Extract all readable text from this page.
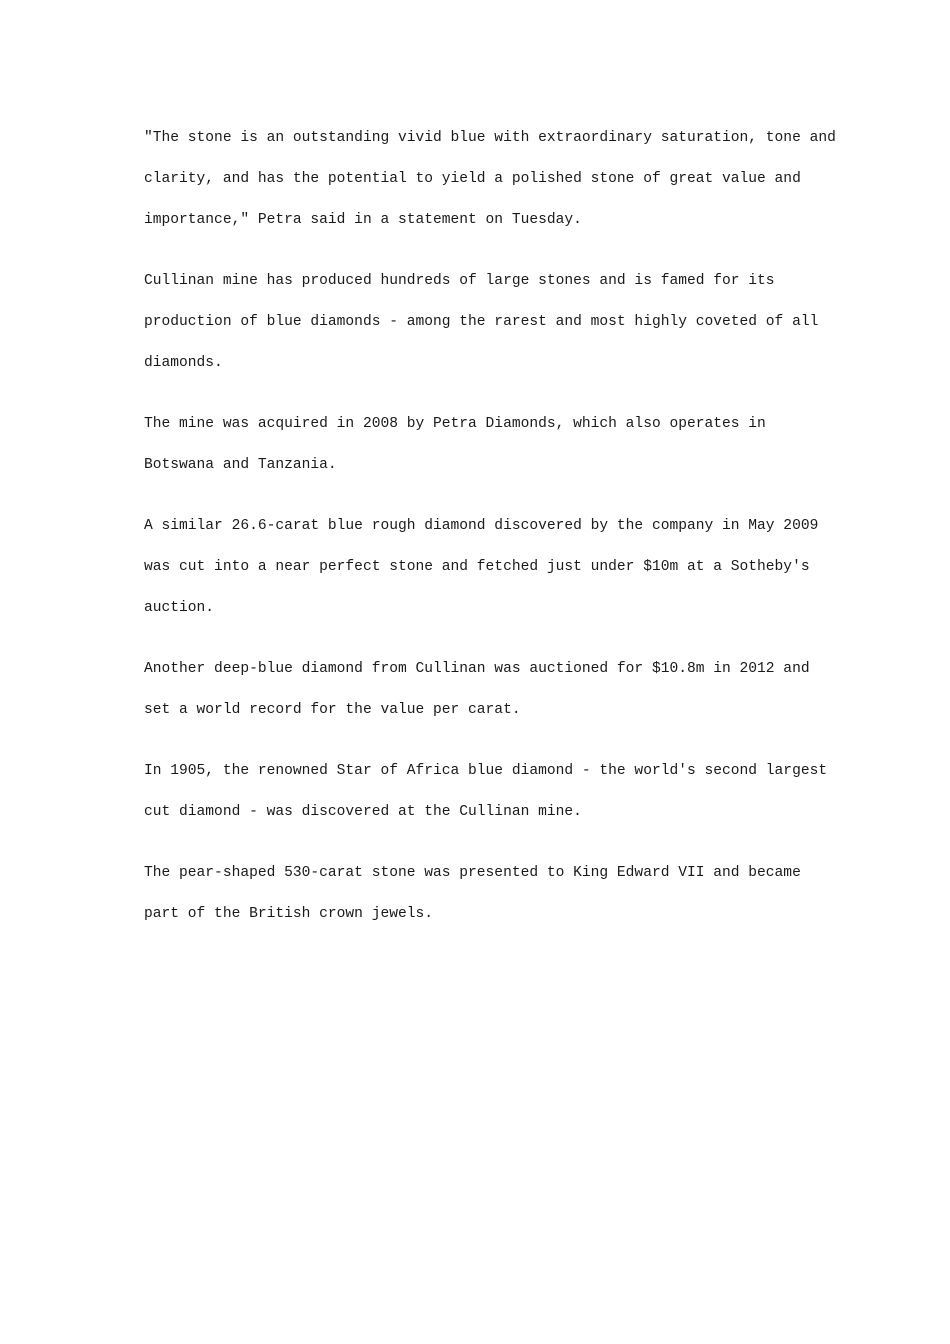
"The stone is an outstanding vivid blue with extraordinary saturation, tone and
clarity, and has the potential to yield a polished stone of great value and
importance," Petra said in a statement on Tuesday.

Cullinan mine has produced hundreds of large stones and is famed for its
production of blue diamonds - among the rarest and most highly coveted of all
diamonds.

The mine was acquired in 2008 by Petra Diamonds, which also operates in
Botswana and Tanzania.

A similar 26.6-carat blue rough diamond discovered by the company in May 2009
was cut into a near perfect stone and fetched just under $10m at a Sotheby's
auction.

Another deep-blue diamond from Cullinan was auctioned for $10.8m in 2012 and
set a world record for the value per carat.

In 1905, the renowned Star of Africa blue diamond - the world's second largest
cut diamond - was discovered at the Cullinan mine.

The pear-shaped 530-carat stone was presented to King Edward VII and became
part of the British crown jewels.
